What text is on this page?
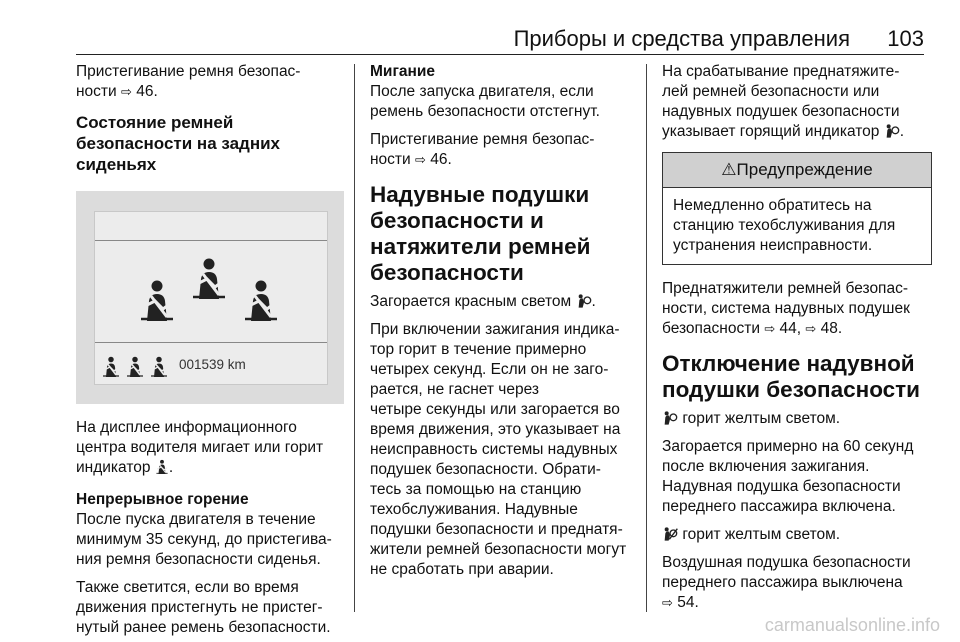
Приборы и средства управления 103

Пристегивание ремня безопас-
ности ⇨ 46.

Состояние ремней
безопасности на задних
сиденьях
001539 km

На дисплее информационного
центра водителя мигает или горит
индикатор .

Непрерывное горение

После пуска двигателя в течение
минимум 35 секунд, до пристегива-
ния ремня безопасности сиденья.

Также светится, если во время
движения пристегнуть не пристег-
нутый ранее ремень безопасности.

Мигание

После запуска двигателя, если
ремень безопасности отстегнут.

Пристегивание ремня безопас-
ности ⇨ 46.

Надувные подушки
безопасности и
натяжители ремней
безопасности

Загорается красным светом .

При включении зажигания индика-
тор горит в течение примерно
четырех секунд. Если он не заго-
рается, не гаснет через
четыре секунды или загорается во
время движения, это указывает на
неисправность системы надувных
подушек безопасности. Обрати-
тесь за помощью на станцию
техобслуживания. Надувные
подушки безопасности и преднатя-
жители ремней безопасности могут
не сработать при аварии.

На срабатывание преднатяжите-
лей ремней безопасности или
надувных подушек безопасности
указывает горящий индикатор .

⚠Предупреждение
Немедленно обратитесь на
станцию техобслуживания для
устранения неисправности.

Преднатяжители ремней безопас-
ности, система надувных подушек
безопасности ⇨ 44, ⇨ 48.

Отключение надувной
подушки безопасности

горит желтым светом.

Загорается примерно на 60 секунд
после включения зажигания.
Надувная подушка безопасности
переднего пассажира включена.

горит желтым светом.

Воздушная подушка безопасности
переднего пассажира выключена
⇨ 54.

carmanualsonline.info
